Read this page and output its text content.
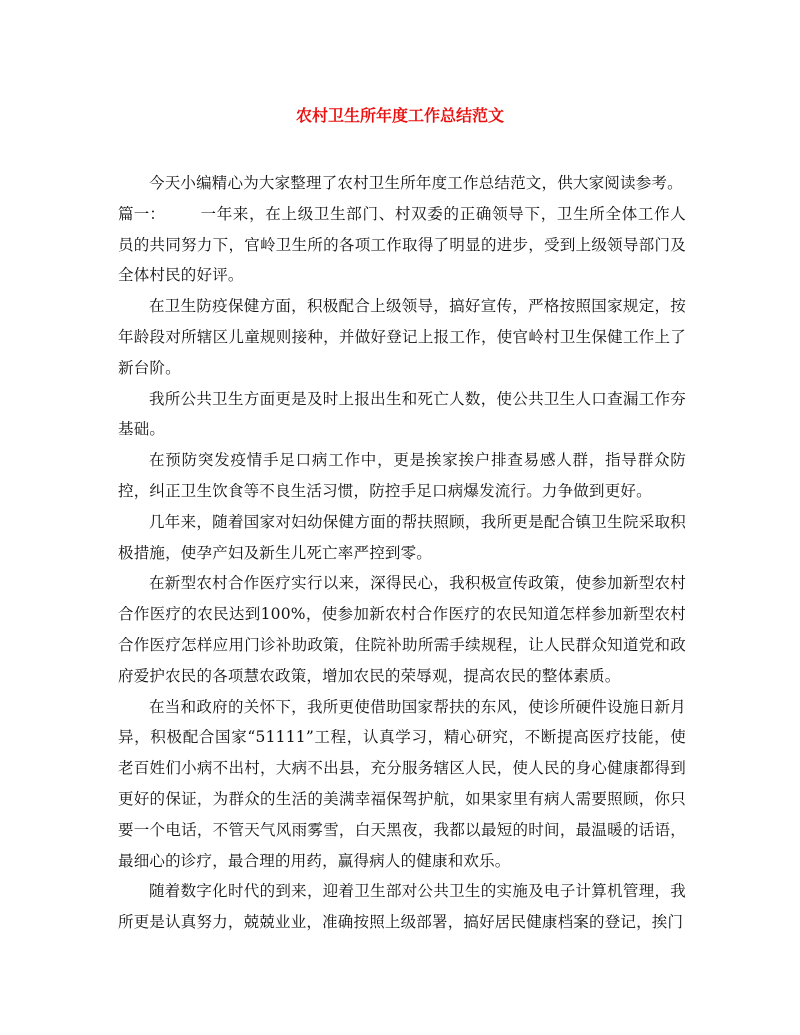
农村卫生所年度工作总结范文

今天小编精心为大家整理了农村卫生所年度工作总结范文，供大家阅读参考。

篇一： 一年来，在上级卫生部门、村双委的正确领导下，卫生所全体工作人员的共同努力下，官岭卫生所的各项工作取得了明显的进步，受到上级领导部门及全体村民的好评。

在卫生防疫保健方面，积极配合上级领导，搞好宣传，严格按照国家规定，按年龄段对所辖区儿童规则接种，并做好登记上报工作，使官岭村卫生保健工作上了新台阶。

我所公共卫生方面更是及时上报出生和死亡人数，使公共卫生人口查漏工作夯基础。

在预防突发疫情手足口病工作中，更是挨家挨户排查易感人群，指导群众防控，纠正卫生饮食等不良生活习惯，防控手足口病爆发流行。力争做到更好。

几年来，随着国家对妇幼保健方面的帮扶照顾，我所更是配合镇卫生院采取积极措施，使孕产妇及新生儿死亡率严控到零。

在新型农村合作医疗实行以来，深得民心，我积极宣传政策，使参加新型农村合作医疗的农民达到100%，使参加新农村合作医疗的农民知道怎样参加新型农村合作医疗怎样应用门诊补助政策，住院补助所需手续规程，让人民群众知道党和政府爱护农民的各项慧农政策，增加农民的荣辱观，提高农民的整体素质。

在当和政府的关怀下，我所更使借助国家帮扶的东风，使诊所硬件设施日新月异，积极配合国家“51111”工程，认真学习，精心研究，不断提高医疗技能，使老百姓们小病不出村，大病不出县，充分服务辖区人民，使人民的身心健康都得到更好的保证，为群众的生活的美满幸福保驾护航，如果家里有病人需要照顾，你只要一个电话，不管天气风雨雾雪，白天黑夜，我都以最短的时间，最温暖的话语，最细心的诊疗，最合理的用药，赢得病人的健康和欢乐。

随着数字化时代的到来，迎着卫生部对公共卫生的实施及电子计算机管理，我所更是认真努力，兢兢业业，准确按照上级部署，搞好居民健康档案的登记，挨门
